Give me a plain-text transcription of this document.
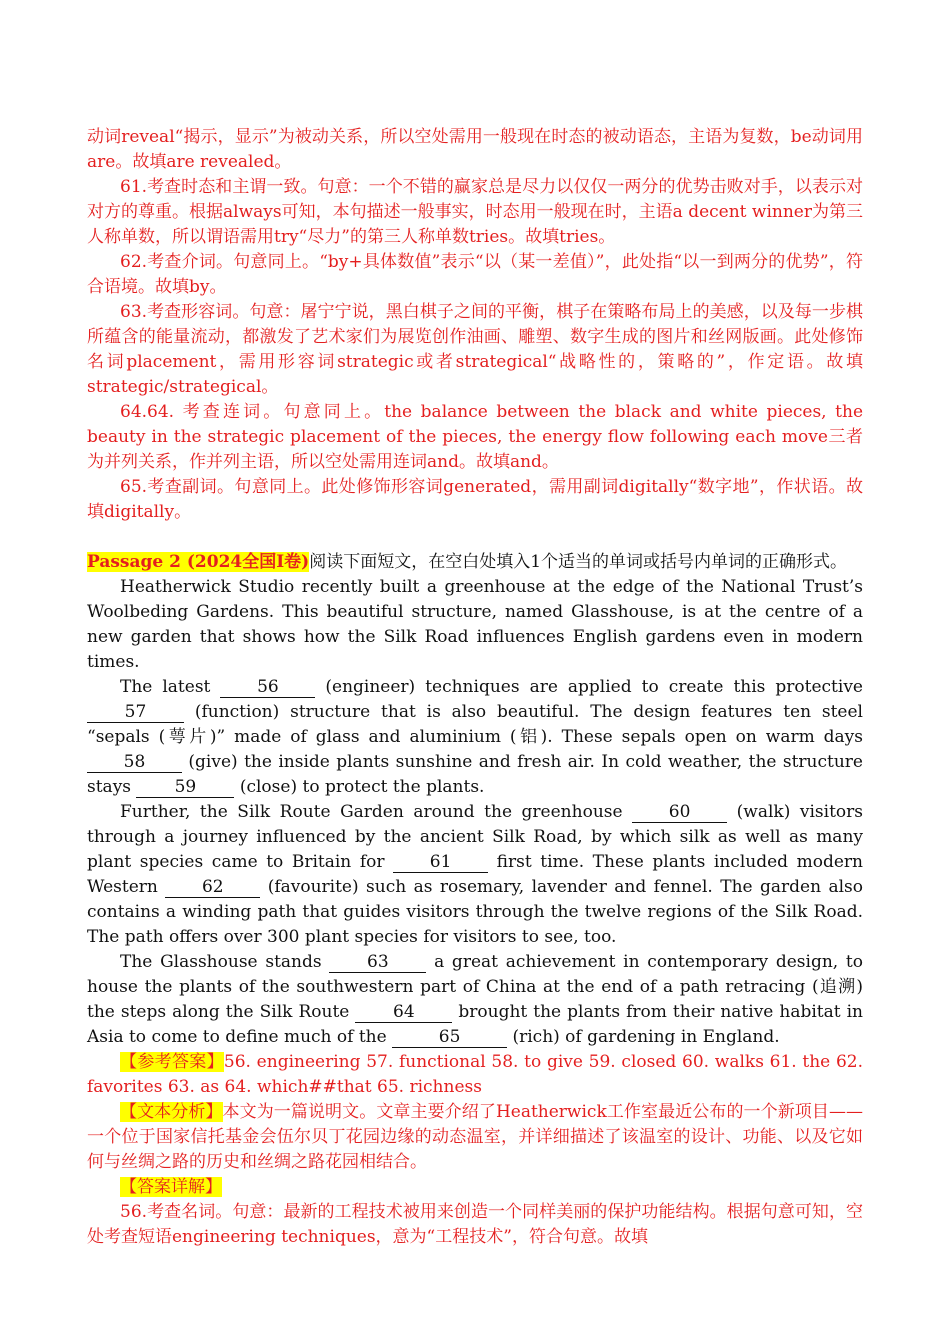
动词reveal“揭示，显示”为被动关系，所以空处需用一般现在时态的被动语态，主语为复数，be动词用are。故填are revealed。

61.考查时态和主谓一致。句意：一个不错的赢家总是尽力以仅仅一两分的优势击败对手，以表示对对方的尊重。根据always可知，本句描述一般事实，时态用一般现在时，主语a decent winner为第三人称单数，所以谓语需用try“尽力”的第三人称单数tries。故填tries。

62.考查介词。句意同上。“by+具体数值”表示“以（某一差值）”，此处指“以一到两分的优势”，符合语境。故填by。

63.考查形容词。句意：屠宁宁说，黑白棋子之间的平衡，棋子在策略布局上的美感，以及每一步棋所蕴含的能量流动，都激发了艺术家们为展览创作油画、雕塑、数字生成的图片和丝网版画。此处修饰名词placement，需用形容词strategic或者strategical“战略性的，策略的”，作定语。故填strategic/strategical。

64.64. 考查连词。句意同上。the balance between the black and white pieces, the beauty in the strategic placement of the pieces, the energy flow following each move三者为并列关系，作并列主语，所以空处需用连词and。故填and。

65.考查副词。句意同上。此处修饰形容词generated，需用副词digitally“数字地”，作状语。故填digitally。

Passage 2 (2024全国I卷)阅读下面短文，在空白处填入1个适当的单词或括号内单词的正确形式。

Heatherwick Studio recently built a greenhouse at the edge of the National Trust’s Woolbeding Gardens. This beautiful structure, named Glasshouse, is at the centre of a new garden that shows how the Silk Road influences English gardens even in modern times.

The latest 56 (engineer) techniques are applied to create this protective 57 (function) structure that is also beautiful. The design features ten steel “sepals (萼片)” made of glass and aluminium (铝). These sepals open on warm days 58 (give) the inside plants sunshine and fresh air. In cold weather, the structure stays 59 (close) to protect the plants.

Further, the Silk Route Garden around the greenhouse 60 (walk) visitors through a journey influenced by the ancient Silk Road, by which silk as well as many plant species came to Britain for 61 first time. These plants included modern Western 62 (favourite) such as rosemary, lavender and fennel. The garden also contains a winding path that guides visitors through the twelve regions of the Silk Road. The path offers over 300 plant species for visitors to see, too.

The Glasshouse stands 63 a great achievement in contemporary design, to house the plants of the southwestern part of China at the end of a path retracing (追溯) the steps along the Silk Route 64 brought the plants from their native habitat in Asia to come to define much of the	65	(rich) of gardening in England.

【参考答案】56. engineering 57. functional 58. to give 59. closed 60. walks 61. the 62. favorites 63. as 64. which##that 65. richness

【文本分析】本文为一篇说明文。文章主要介绍了Heatherwick工作室最近公布的一个新项目——一个位于国家信托基金会伍尔贝丁花园边缘的动态温室，并详细描述了该温室的设计、功能、以及它如何与丝绸之路的历史和丝绸之路花园相结合。

【答案详解】

56.考查名词。句意：最新的工程技术被用来创造一个同样美丽的保护功能结构。根据句意可知，空处考查短语engineering techniques，意为“工程技术”，符合句意。故填
